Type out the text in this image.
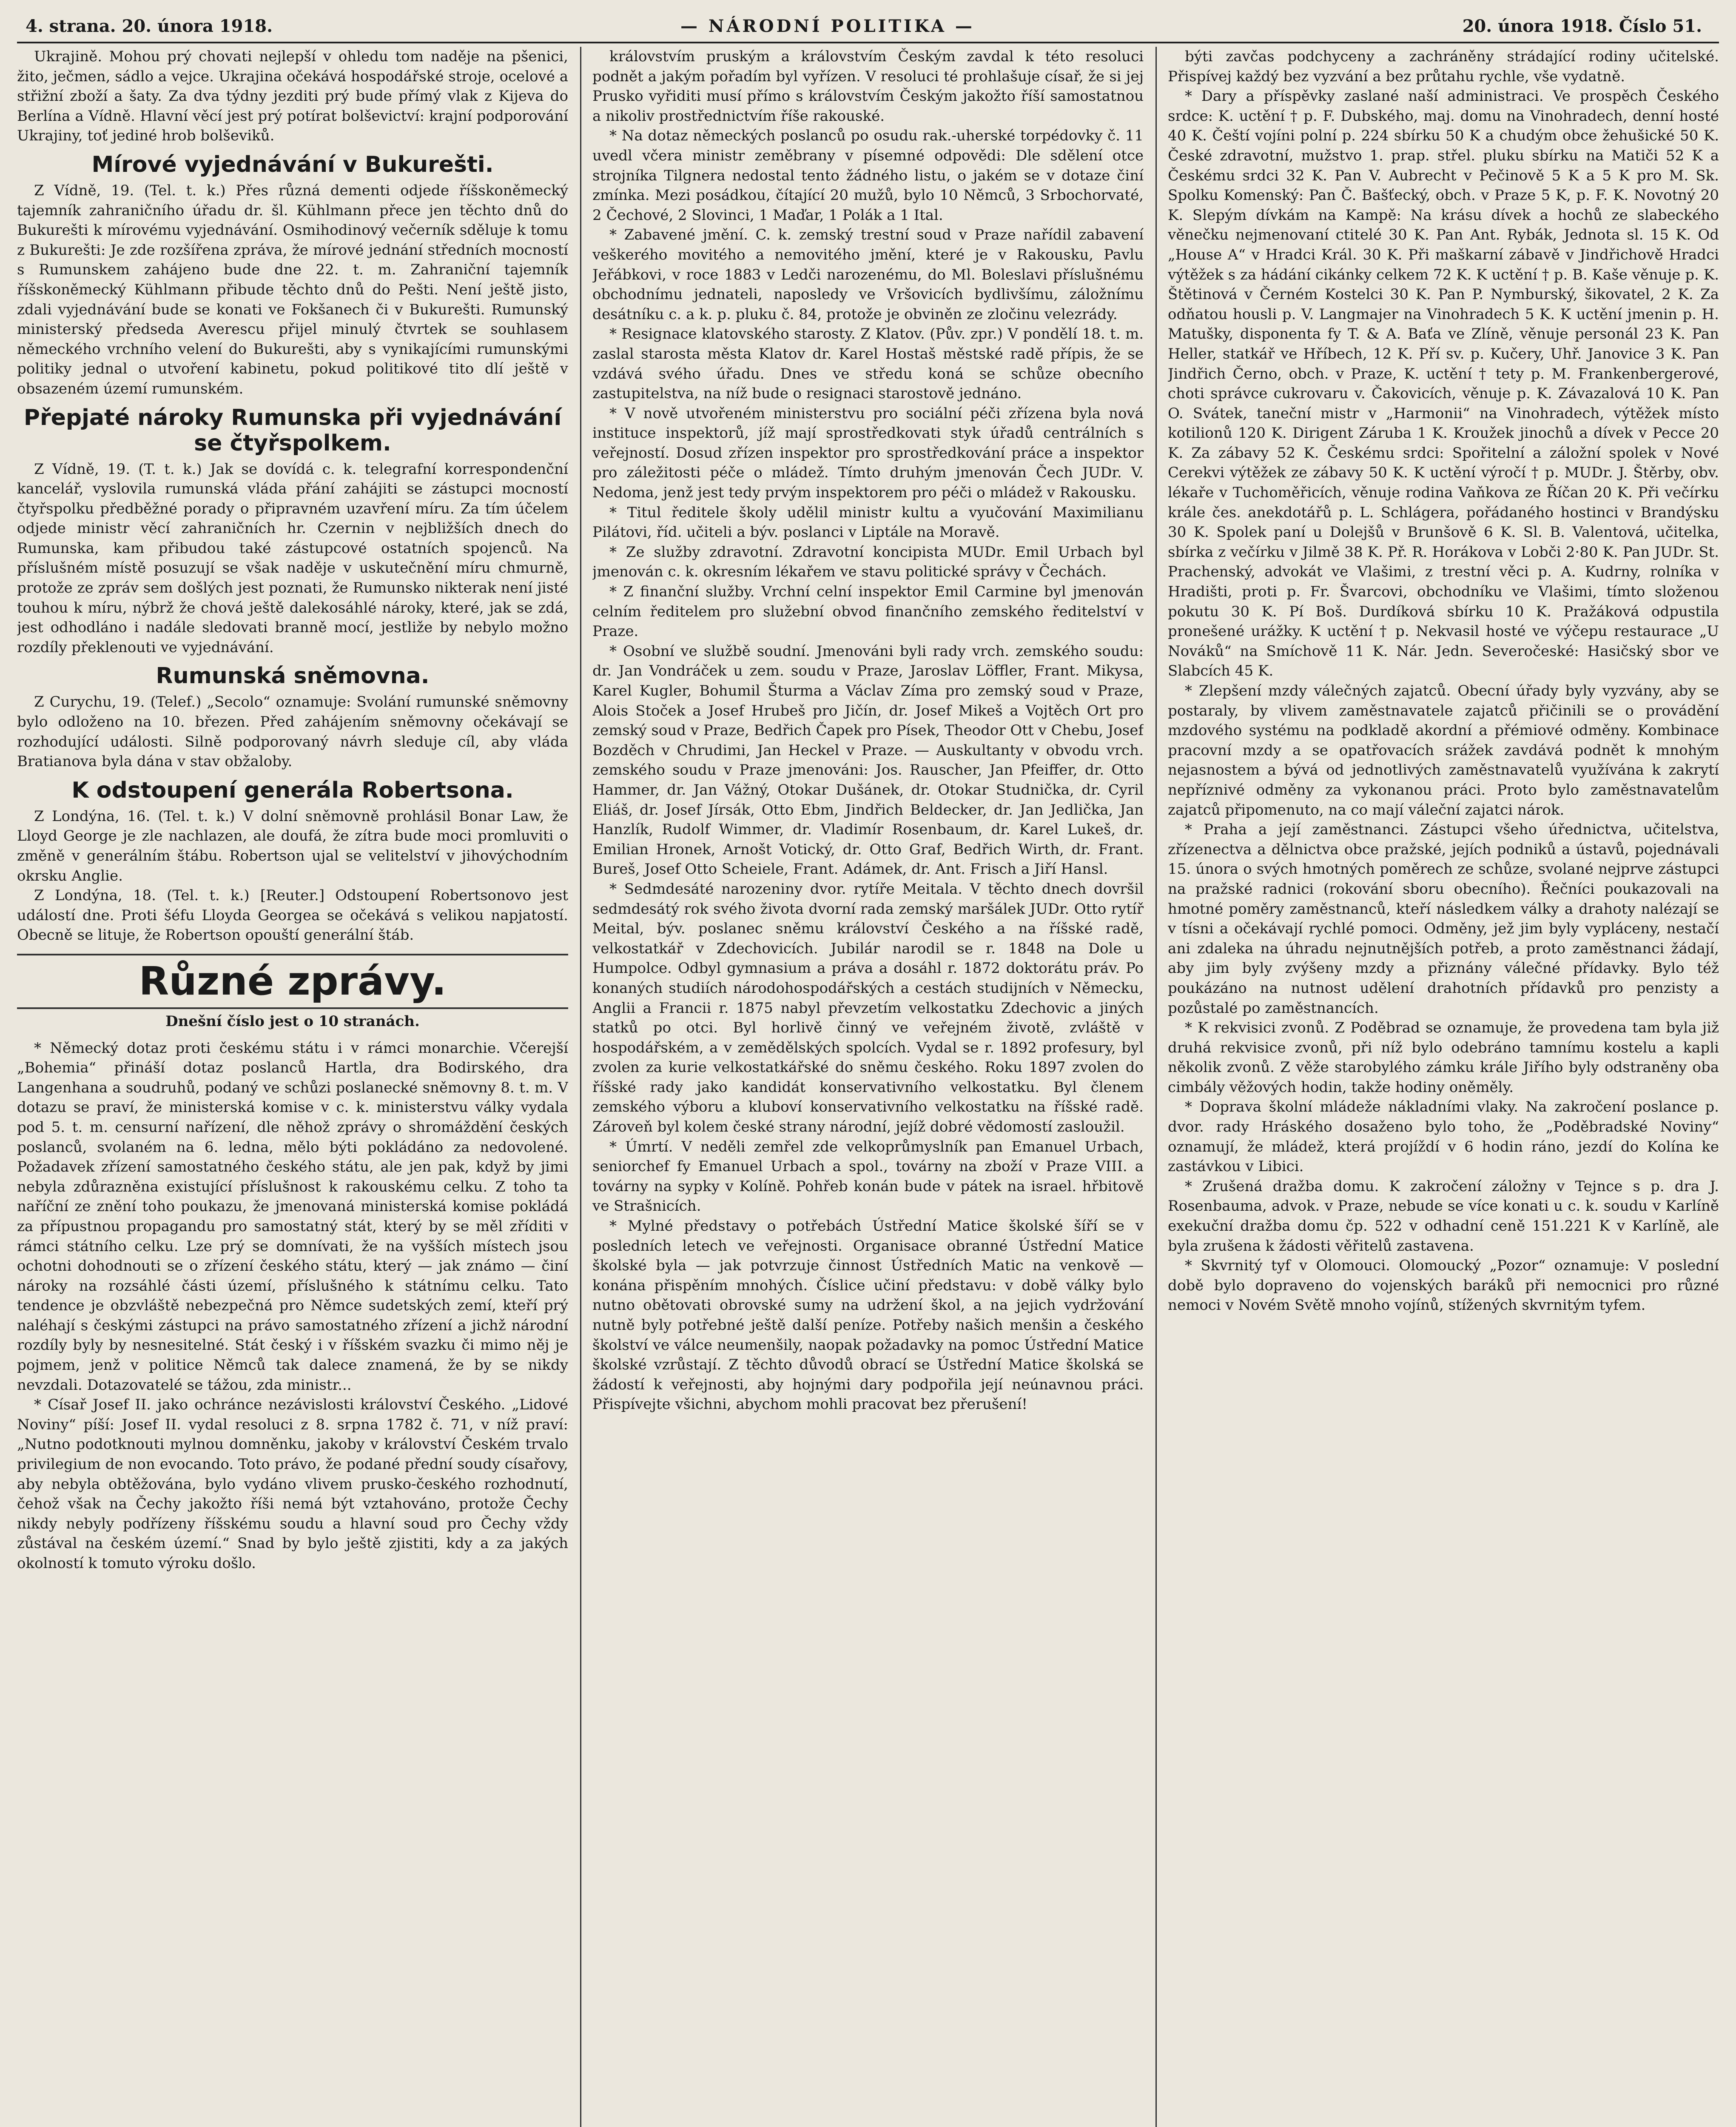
4. strana. 20. února 1918.	— NÁRODNÍ POLITIKA —	20. února 1918. Číslo 51.

Ukrajině. Mohou prý chovati nejlepší v ohledu tom naděje na pšenici, žito, ječmen, sádlo a vejce. Ukrajina očekává hospodářské stroje, ocelové a střižní zboží a šaty. Za dva týdny jezditi prý bude přímý vlak z Kijeva do Berlína a Vídně. Hlavní věcí jest prý potírat bolševictví: krajní podporování Ukrajiny, toť jediné hrob bolševiků.

Mírové vyjednávání v Bukurešti.

Z Vídně, 19. (Tel. t. k.) Přes různá dementi odjede říšskoněmecký tajemník zahraničního úřadu dr. šl. Kühlmann přece jen těchto dnů do Bukurešti k mírovému vyjednávání. Osmihodinový večerník sděluje k tomu z Bukurešti: Je zde rozšířena zpráva, že mírové jednání středních mocností s Rumunskem zahájeno bude dne 22. t. m. Zahraniční tajemník říšskoněmecký Kühlmann přibude těchto dnů do Pešti. Není ještě jisto, zdali vyjednávání bude se konati ve Fokšanech či v Bukurešti. Rumunský ministerský předseda Averescu přijel minulý čtvrtek se souhlasem německého vrchního velení do Bukurešti, aby s vynikajícími rumunskými politiky jednal o utvoření kabinetu, pokud politikové tito dlí ještě v obsazeném území rumunském.

Přepjaté nároky Rumunska při vyjednávání se čtyřspolkem.

Z Vídně, 19. (T. t. k.) Jak se dovídá c. k. telegrafní korrespondenční kancelář, vyslovila rumunská vláda přání zahájiti se zástupci mocností čtyřspolku předběžné porady o připravném uzavření míru. Za tím účelem odjede ministr věcí zahraničních hr. Czernin v nejbližších dnech do Rumunska, kam přibudou také zástupcové ostatních spojenců. Na příslušném místě posuzují se však naděje v uskutečnění míru chmurně, protože ze zpráv sem došlých jest poznati, že Rumunsko nikterak není jisté touhou k míru, nýbrž že chová ještě dalekosáhlé nároky, které, jak se zdá, jest odhodláno i nadále sledovati branně mocí, jestliže by nebylo možno rozdíly překlenouti ve vyjednávání.

Rumunská sněmovna.

Z Curychu, 19. (Telef.) „Secolo“ oznamuje: Svolání rumunské sněmovny bylo odloženo na 10. březen. Před zahájením sněmovny očekávají se rozhodující události. Silně podporovaný návrh sleduje cíl, aby vláda Bratianova byla dána v stav obžaloby.

K odstoupení generála Robertsona.

Z Londýna, 16. (Tel. t. k.) V dolní sněmovně prohlásil Bonar Law, že Lloyd George je zle nachlazen, ale doufá, že zítra bude moci promluviti o změně v generálním štábu. Robertson ujal se velitelství v jihovýchodním okrsku Anglie.

Z Londýna, 18. (Tel. t. k.) [Reuter.] Odstoupení Robertsonovo jest událostí dne. Proti šéfu Lloyda Georgea se očekává s velikou napjatostí. Obecně se lituje, že Robertson opouští generální štáb.

Různé zprávy.

Dnešní číslo jest o 10 stranách.

* Německý dotaz proti českému státu i v rámci monarchie. Včerejší „Bohemia“ přináší dotaz poslanců Hartla, dra Bodirského, dra Langenhana a soudruhů, podaný ve schůzi poslanecké sněmovny 8. t. m. V dotazu se praví, že ministerská komise v c. k. ministerstvu války vydala pod 5. t. m. censurní nařízení, dle něhož zprávy o shromáždění českých poslanců, svolaném na 6. ledna, mělo býti pokládáno za nedovolené. Požadavek zřízení samostatného českého státu, ale jen pak, když by jimi nebyla zdůrazněna existující příslušnost k rakouskému celku. Z toho ta naříční ze znění toho poukazu, že jmenovaná ministerská komise pokládá za přípustnou propagandu pro samostatný stát, který by se měl zříditi v rámci státního celku. Lze prý se domnívati, že na vyšších místech jsou ochotni dohodnouti se o zřízení českého státu, který — jak známo — činí nároky na rozsáhlé části území, příslušného k státnímu celku. Tato tendence je obzvláště nebezpečná pro Němce sudetských zemí, kteří prý naléhají s českými zástupci na právo samostatného zřízení a jichž národní rozdíly byly by nesnesitelné. Stát český i v říšském svazku či mimo něj je pojmem, jenž v politice Němců tak dalece znamená, že by se nikdy nevzdali. Dotazovatelé se tážou, zda ministr...

* Císař Josef II. jako ochránce nezávislosti království Českého. „Lidové Noviny“ píší: Josef II. vydal resoluci z 8. srpna 1782 č. 71, v níž praví: „Nutno podotknouti mylnou domněnku, jakoby v království Českém trvalo privilegium de non evocando. Toto právo, že podané přední soudy císařovy, aby nebyla obtěžována, bylo vydáno vlivem prusko-českého rozhodnutí, čehož však na Čechy jakožto říši nemá být vztahováno, protože Čechy nikdy nebyly podřízeny říšskému soudu a hlavní soud pro Čechy vždy zůstával na českém území.“ Snad by bylo ještě zjistiti, kdy a za jakých okolností k tomuto výroku došlo.

královstvím pruským a královstvím Českým zavdal k této resoluci podnět a jakým pořadím byl vyřízen. V resoluci té prohlašuje císař, že si jej Prusko vyřiditi musí přímo s královstvím Českým jakožto říší samostatnou a nikoliv prostřednictvím říše rakouské.

* Na dotaz německých poslanců po osudu rak.-uherské torpédovky č. 11 uvedl včera ministr zeměbrany v písemné odpovědi: Dle sdělení otce strojníka Tilgnera nedostal tento žádného listu, o jakém se v dotaze činí zmínka. Mezi posádkou, čítající 20 mužů, bylo 10 Němců, 3 Srbochorvaté, 2 Čechové, 2 Slovinci, 1 Maďar, 1 Polák a 1 Ital.

* Zabavené jmění. C. k. zemský trestní soud v Praze nařídil zabavení veškerého movitého a nemovitého jmění, které je v Rakousku, Pavlu Jeřábkovi, v roce 1883 v Ledči narozenému, do Ml. Boleslavi příslušnému obchodnímu jednateli, naposledy ve Vršovicích bydlivšímu, záložnímu desátníku c. a k. p. pluku č. 84, protože je obviněn ze zločinu velezrády.

* Resignace klatovského starosty. Z Klatov. (Pův. zpr.) V pondělí 18. t. m. zaslal starosta města Klatov dr. Karel Hostaš městské radě přípis, že se vzdává svého úřadu. Dnes ve středu koná se schůze obecního zastupitelstva, na níž bude o resignaci starostově jednáno.

* V nově utvořeném ministerstvu pro sociální péči zřízena byla nová instituce inspektorů, jíž mají sprostředkovati styk úřadů centrálních s veřejností. Dosud zřízen inspektor pro sprostředkování práce a inspektor pro záležitosti péče o mládež. Tímto druhým jmenován Čech JUDr. V. Nedoma, jenž jest tedy prvým inspektorem pro péči o mládež v Rakousku.

* Titul ředitele školy udělil ministr kultu a vyučování Maximilianu Pilátovi, říd. učiteli a býv. poslanci v Liptále na Moravě.

* Ze služby zdravotní. Zdravotní koncipista MUDr. Emil Urbach byl jmenován c. k. okresním lékařem ve stavu politické správy v Čechách.

* Z finanční služby. Vrchní celní inspektor Emil Carmine byl jmenován celním ředitelem pro služební obvod finančního zemského ředitelství v Praze.

* Osobní ve službě soudní. Jmenováni byli rady vrch. zemského soudu: dr. Jan Vondráček u zem. soudu v Praze, Jaroslav Löffler, Frant. Mikysa, Karel Kugler, Bohumil Šturma a Václav Zíma pro zemský soud v Praze, Alois Stoček a Josef Hrubeš pro Jičín, dr. Josef Mikeš a Vojtěch Ort pro zemský soud v Praze, Bedřich Čapek pro Písek, Theodor Ott v Chebu, Josef Bozděch v Chrudimi, Jan Heckel v Praze. — Auskultanty v obvodu vrch. zemského soudu v Praze jmenováni: Jos. Rauscher, Jan Pfeiffer, dr. Otto Hammer, dr. Jan Vážný, Otokar Dušánek, dr. Otokar Studnička, dr. Cyril Eliáš, dr. Josef Jírsák, Otto Ebm, Jindřich Beldecker, dr. Jan Jedlička, Jan Hanzlík, Rudolf Wimmer, dr. Vladimír Rosenbaum, dr. Karel Lukeš, dr. Emilian Hronek, Arnošt Votický, dr. Otto Graf, Bedřich Wirth, dr. Frant. Bureš, Josef Otto Scheiele, Frant. Adámek, dr. Ant. Frisch a Jiří Hansl.

* Sedmdesáté narozeniny dvor. rytíře Meitala. V těchto dnech dovršil sedmdesátý rok svého života dvorní rada zemský maršálek JUDr. Otto rytíř Meital, býv. poslanec sněmu království Českého a na říšské radě, velkostatkář v Zdechovicích. Jubilár narodil se r. 1848 na Dole u Humpolce. Odbyl gymnasium a práva a dosáhl r. 1872 doktorátu práv. Po konaných studiích národohospodářských a cestách studijních v Německu, Anglii a Francii r. 1875 nabyl převzetím velkostatku Zdechovic a jiných statků po otci. Byl horlivě činný ve veřejném životě, zvláště v hospodářském, a v zemědělských spolcích. Vydal se r. 1892 profesury, byl zvolen za kurie velkostatkářské do sněmu českého. Roku 1897 zvolen do říšské rady jako kandidát konservativního velkostatku. Byl členem zemského výboru a kluboví konservativního velkostatku na říšské radě. Zároveň byl kolem české strany národní, jejíž dobré vědomostí zasloužil.

* Úmrtí. V neděli zemřel zde velkoprůmyslník pan Emanuel Urbach, seniorchef fy Emanuel Urbach a spol., továrny na zboží v Praze VIII. a továrny na sypky v Kolíně. Pohřeb konán bude v pátek na israel. hřbitově ve Strašnicích.

* Mylné představy o potřebách Ústřední Matice školské šíří se v posledních letech ve veřejnosti. Organisace obranné Ústřední Matice školské byla — jak potvrzuje činnost Ústředních Matic na venkově — konána přispěním mnohých. Číslice učiní představu: v době války bylo nutno obětovati obrovské sumy na udržení škol, a na jejich vydržování nutně byly potřebné ještě další peníze. Potřeby našich menšin a českého školství ve válce neumenšily, naopak požadavky na pomoc Ústřední Matice školské vzrůstají. Z těchto důvodů obrací se Ústřední Matice školská se žádostí k veřejnosti, aby hojnými dary podpořila její neúnavnou práci. Přispívejte všichni, abychom mohli pracovat bez přerušení!

býti zavčas podchyceny a zachráněny strádající rodiny učitelské. Přispívej každý bez vyzvání a bez průtahu rychle, vše vydatně.

* Dary a příspěvky zaslané naší administraci. Ve prospěch Českého srdce: K. uctění † p. F. Dubského, maj. domu na Vinohradech, denní hosté 40 K. Čeští vojíni polní p. 224 sbírku 50 K a chudým obce žehušické 50 K. České zdravotní, mužstvo 1. prap. střel. pluku sbírku na Matiči 52 K a Českému srdci 32 K. Pan V. Aubrecht v Pečinově 5 K a 5 K pro M. Sk. Spolku Komenský: Pan Č. Bašťecký, obch. v Praze 5 K, p. F. K. Novotný 20 K. Slepým dívkám na Kampě: Na krásu dívek a hochů ze slabeckého věnečku nejmenovaní ctitelé 30 K. Pan Ant. Rybák, Jednota sl. 15 K. Od „House A“ v Hradci Král. 30 K. Při maškarní zábavě v Jindřichově Hradci výtěžek s za hádání cikánky celkem 72 K. K uctění † p. B. Kaše věnuje p. K. Štětinová v Černém Kostelci 30 K. Pan P. Nymburský, šikovatel, 2 K. Za odňatou housli p. V. Langmajer na Vinohradech 5 K. K uctění jmenin p. H. Matušky, disponenta fy T. & A. Baťa ve Zlíně, věnuje personál 23 K. Pan Heller, statkář ve Hříbech, 12 K. Pří sv. p. Kučery, Uhř. Janovice 3 K. Pan Jindřich Černo, obch. v Praze, K. uctění † tety p. M. Frankenbergerové, choti správce cukrovaru v. Čakovicích, věnuje p. K. Závazalová 10 K. Pan O. Svátek, taneční mistr v „Harmonii“ na Vinohradech, výtěžek místo kotilionů 120 K. Dirigent Záruba 1 K. Kroužek jinochů a dívek v Pecce 20 K. Za zábavy 52 K. Českému srdci: Spořitelní a záložní spolek v Nové Cerekvi výtěžek ze zábavy 50 K. K uctění výročí † p. MUDr. J. Štěrby, obv. lékaře v Tuchoměřicích, věnuje rodina Vaňkova ze Říčan 20 K. Při večírku krále čes. anekdotářů p. L. Schlágera, pořádaného hostinci v Brandýsku 30 K. Spolek paní u Dolejšů v Brunšově 6 K. Sl. B. Valentová, učitelka, sbírka z večírku v Jilmě 38 K. Př. R. Horákova v Lobči 2·80 K. Pan JUDr. St. Prachenský, advokát ve Vlašimi, z trestní věci p. A. Kudrny, rolníka v Hradišti, proti p. Fr. Švarcovi, obchodníku ve Vlašimi, tímto složenou pokutu 30 K. Pí Boš. Durdíková sbírku 10 K. Pražáková odpustila pronešené urážky. K uctění † p. Nekvasil hosté ve výčepu restaurace „U Nováků“ na Smíchově 11 K. Nár. Jedn. Severočeské: Hasičský sbor ve Slabcích 45 K.

* Zlepšení mzdy válečných zajatců. Obecní úřady byly vyzvány, aby se postaraly, by vlivem zaměstnavatele zajatců přičinili se o provádění mzdového systému na podkladě akordní a přémiové odměny. Kombinace pracovní mzdy a se opatřovacích srážek zavdává podnět k mnohým nejasnostem a bývá od jednotlivých zaměstnavatelů využívána k zakrytí nepříznivé odměny za vykonanou práci. Proto bylo zaměstnavatelům zajatců připomenuto, na co mají váleční zajatci nárok.

* Praha a její zaměstnanci. Zástupci všeho úřednictva, učitelstva, zřízenectva a dělnictva obce pražské, jejích podniků a ústavů, pojednávali 15. února o svých hmotných poměrech ze schůze, svolané nejprve zástupci na pražské radnici (rokování sboru obecního). Řečníci poukazovali na hmotné poměry zaměstnanců, kteří následkem války a drahoty nalézají se v tísni a očekávají rychlé pomoci. Odměny, jež jim byly vypláceny, nestačí ani zdaleka na úhradu nejnutnějších potřeb, a proto zaměstnanci žádají, aby jim byly zvýšeny mzdy a přiznány válečné přídavky. Bylo též poukázáno na nutnost udělení drahotních přídavků pro penzisty a pozůstalé po zaměstnancích.

* K rekvisici zvonů. Z Poděbrad se oznamuje, že provedena tam byla již druhá rekvisice zvonů, při níž bylo odebráno tamnímu kostelu a kapli několik zvonů. Z věže starobylého zámku krále Jiřího byly odstraněny oba cimbály věžových hodin, takže hodiny oněměly.

* Doprava školní mládeže nákladními vlaky. Na zakročení poslance p. dvor. rady Hráského dosaženo bylo toho, že „Poděbradské Noviny“ oznamují, že mládež, která projíždí v 6 hodin ráno, jezdí do Kolína ke zastávkou v Libici.

* Zrušená dražba domu. K zakročení záložny v Tejnce s p. dra J. Rosenbauma, advok. v Praze, nebude se více konati u c. k. soudu v Karlíně exekuční dražba domu čp. 522 v odhadní ceně 151.221 K v Karlíně, ale byla zrušena k žádosti věřitelů zastavena.

* Skvrnitý tyf v Olomouci. Olomoucký „Pozor“ oznamuje: V poslední době bylo dopraveno do vojenských baráků při nemocnici pro různé nemoci v Novém Světě mnoho vojínů, stížených skvrnitým tyfem.
